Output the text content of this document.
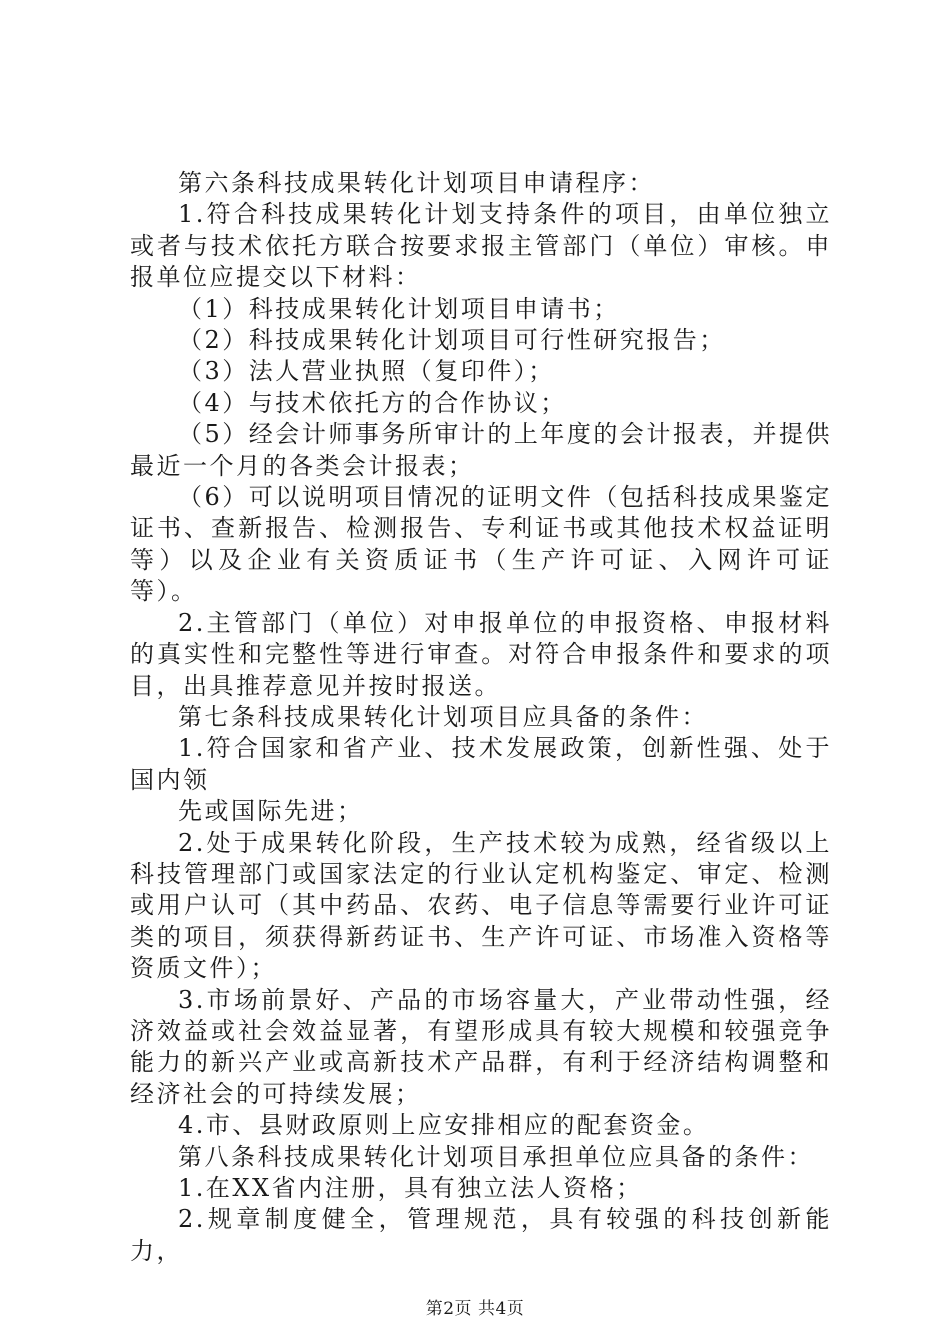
第六条科技成果转化计划项目申请程序：

1.符合科技成果转化计划支持条件的项目，由单位独立或者与技术依托方联合按要求报主管部门（单位）审核。申报单位应提交以下材料：

（1）科技成果转化计划项目申请书；

（2）科技成果转化计划项目可行性研究报告；

（3）法人营业执照（复印件）；

（4）与技术依托方的合作协议；

（5）经会计师事务所审计的上年度的会计报表，并提供最近一个月的各类会计报表；

（6）可以说明项目情况的证明文件（包括科技成果鉴定证书、查新报告、检测报告、专利证书或其他技术权益证明等）以及企业有关资质证书（生产许可证、入网许可证等）。

2.主管部门（单位）对申报单位的申报资格、申报材料的真实性和完整性等进行审查。对符合申报条件和要求的项目，出具推荐意见并按时报送。

第七条科技成果转化计划项目应具备的条件：

1.符合国家和省产业、技术发展政策，创新性强、处于国内领

先或国际先进；

2.处于成果转化阶段，生产技术较为成熟，经省级以上科技管理部门或国家法定的行业认定机构鉴定、审定、检测或用户认可（其中药品、农药、电子信息等需要行业许可证类的项目，须获得新药证书、生产许可证、市场准入资格等资质文件）；

3.市场前景好、产品的市场容量大，产业带动性强，经济效益或社会效益显著，有望形成具有较大规模和较强竞争能力的新兴产业或高新技术产品群，有利于经济结构调整和经济社会的可持续发展；

4.市、县财政原则上应安排相应的配套资金。

第八条科技成果转化计划项目承担单位应具备的条件：

1.在XX省内注册，具有独立法人资格；

2.规章制度健全，管理规范，具有较强的科技创新能力，

第2页 共4页
